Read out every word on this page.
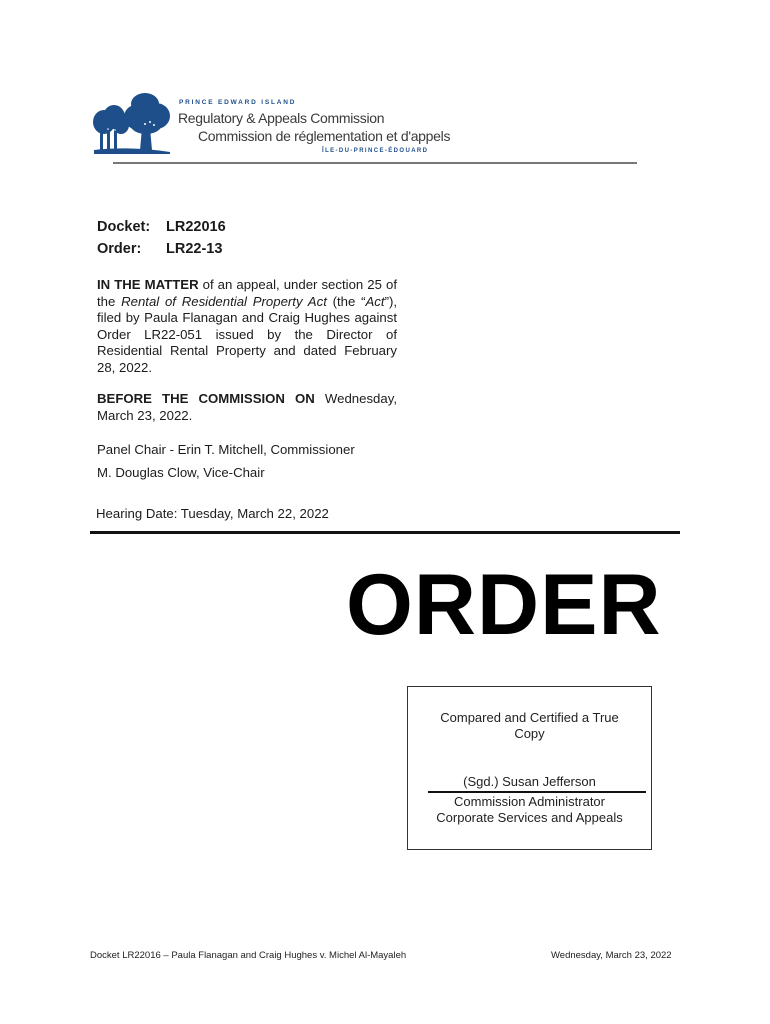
PRINCE EDWARD ISLAND
Regulatory & Appeals Commission
Commission de réglementation et d'appels
ÎLE-DU-PRINCE-ÉDOUARD
Docket: LR22016
Order: LR22-13
IN THE MATTER of an appeal, under section 25 of the Rental of Residential Property Act (the “Act”), filed by Paula Flanagan and Craig Hughes against Order LR22-051 issued by the Director of Residential Rental Property and dated February 28, 2022.
BEFORE THE COMMISSION ON Wednesday, March 23, 2022.
Panel Chair - Erin T. Mitchell, Commissioner
M. Douglas Clow, Vice-Chair
Hearing Date: Tuesday, March 22, 2022
ORDER
Compared and Certified a True Copy
(Sgd.) Susan Jefferson
Commission Administrator
Corporate Services and Appeals
Docket LR22016 – Paula Flanagan and Craig Hughes v. Michel Al-Mayaleh	Wednesday, March 23, 2022
